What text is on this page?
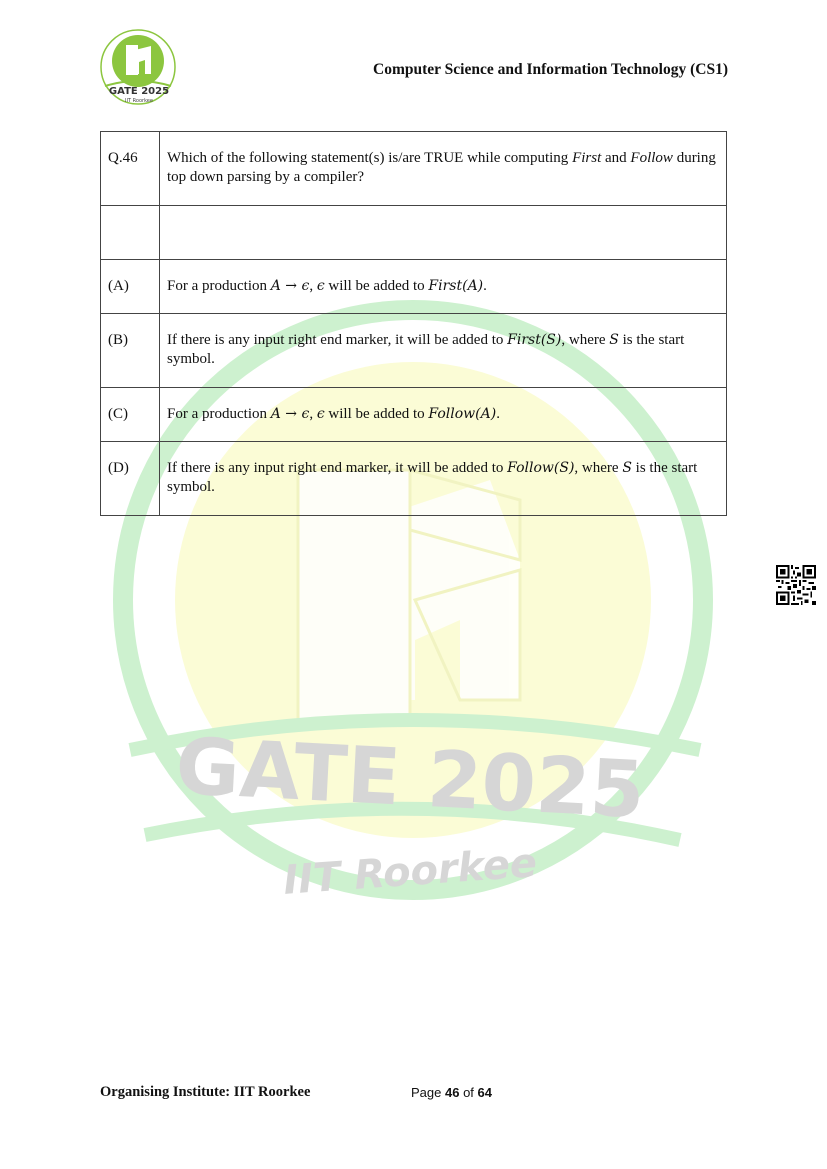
GATE 2025
IIT Roorkee
GATE 2025
IIT Roorkee
Computer Science and Information Technology (CS1)
Q.46	Which of the following statement(s) is/are TRUE while computing First and Follow during top down parsing by a compiler?

(A)	For a production A → ϵ, ϵ will be added to First(A).
(B)	If there is any input right end marker, it will be added to First(S), where S is the start symbol.
(C)	For a production A → ϵ, ϵ will be added to Follow(A).
(D)	If there is any input right end marker, it will be added to Follow(S), where S is the start symbol.
Organising Institute: IIT Roorkee	Page 46 of 64
